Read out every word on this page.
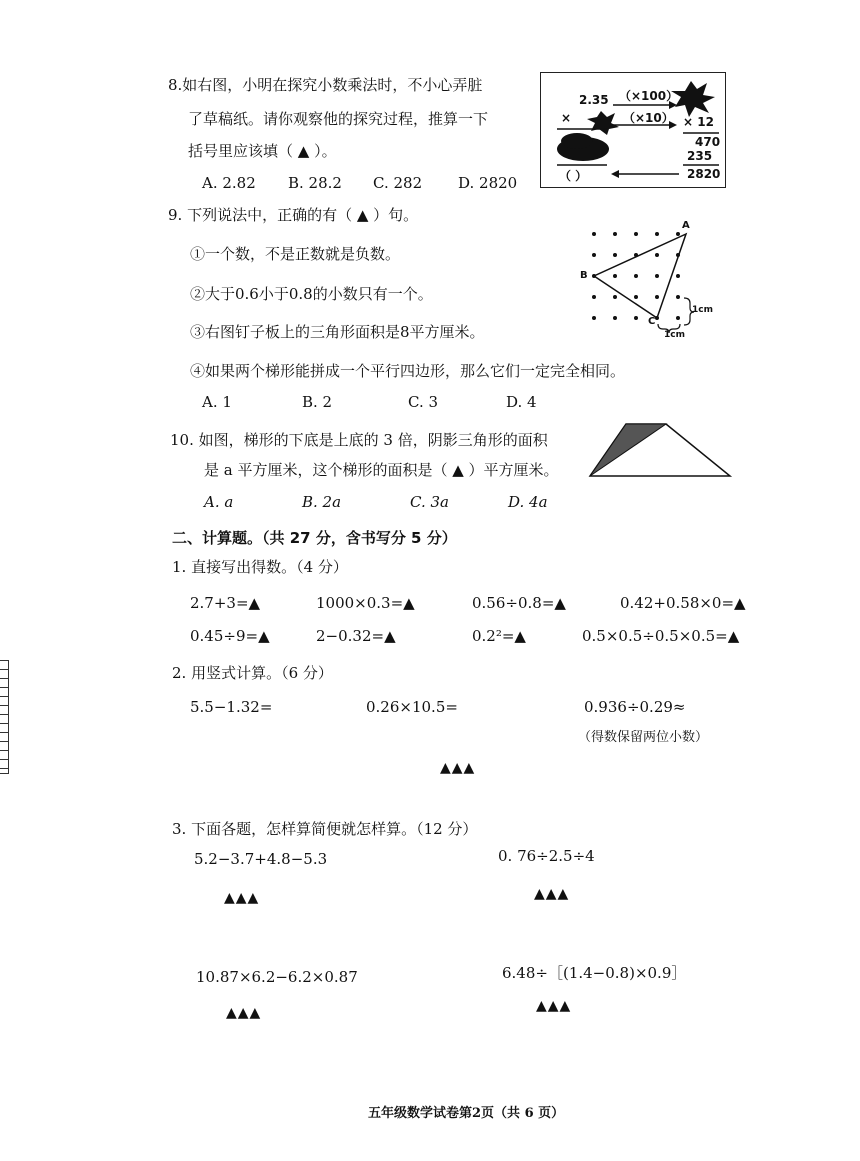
8.如右图，小明在探究小数乘法时，不小心弄脏
了草稿纸。请你观察他的探究过程，推算一下
括号里应该填（ ▲ ）。
A. 2.82 B. 28.2 C. 282 D. 2820
2.35
×
（×100）
（×10） × 12
470
235
2820
（ ）
9. 下列说法中，正确的有（ ▲ ）句。
①一个数，不是正数就是负数。
②大于0.6小于0.8的小数只有一个。
③右图钉子板上的三角形面积是8平方厘米。
④如果两个梯形能拼成一个平行四边形，那么它们一定完全相同。
A. 1	B. 2	C. 3	D. 4
A
B
C
1cm
1cm
10. 如图，梯形的下底是上底的 3 倍，阴影三角形的面积
是 a 平方厘米，这个梯形的面积是（ ▲ ）平方厘米。
A. a	B. 2a	C. 3a	D. 4a
二、计算题。（共 27 分，含书写分 5 分）
1. 直接写出得数。（4 分）
2.7+3=▲	1000×0.3=▲	0.56÷0.8=▲	0.42+0.58×0=▲
0.45÷9=▲	2−0.32=▲	0.2²=▲	0.5×0.5÷0.5×0.5=▲
2. 用竖式计算。（6 分）
5.5−1.32=	0.26×10.5=	0.936÷0.29≈
（得数保留两位小数）
▲▲▲
3. 下面各题，怎样算简便就怎样算。（12 分）
5.2−3.7+4.8−5.3	0. 76÷2.5÷4
▲▲▲	▲▲▲
10.87×6.2−6.2×0.87	6.48÷［(1.4−0.8)×0.9］
▲▲▲	▲▲▲
五年级数学试卷第2页（共 6 页）
